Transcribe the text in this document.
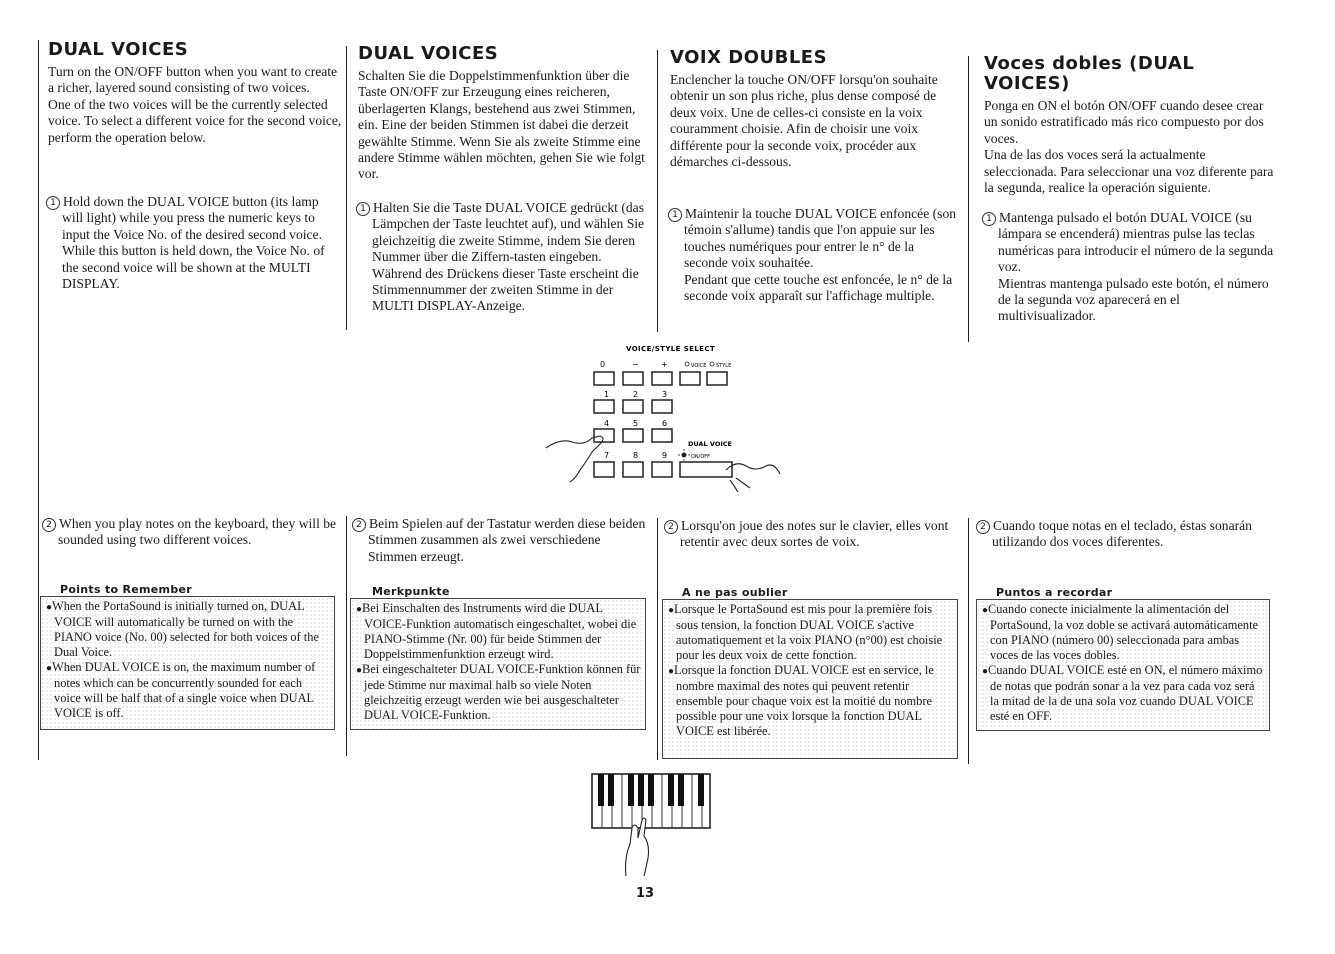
DUAL VOICES

Turn on the ON/OFF button when you want to create a richer, layered sound consisting of two voices.

One of the two voices will be the currently selected voice. To select a different voice for the second voice, perform the operation below.

1 Hold down the DUAL VOICE button (its lamp will light) while you press the numeric keys to input the Voice No. of the desired second voice.
While this button is held down, the Voice No. of the second voice will be shown at the MULTI DISPLAY.

2 When you play notes on the keyboard, they will be sounded using two different voices.

Points to Remember

●When the PortaSound is initially turned on, DUAL VOICE will automatically be turned on with the PIANO voice (No. 00) selected for both voices of the Dual Voice.

●When DUAL VOICE is on, the maximum number of notes which can be concurrently sounded for each voice will be half that of a single voice when DUAL VOICE is off.

DUAL VOICES

Schalten Sie die Doppelstimmenfunktion über die Taste ON/OFF zur Erzeugung eines reicheren, überlagerten Klangs, bestehend aus zwei Stimmen, ein. Eine der beiden Stimmen ist dabei die derzeit gewählte Stimme. Wenn Sie als zweite Stimme eine andere Stimme wählen möchten, gehen Sie wie folgt vor.

1 Halten Sie die Taste DUAL VOICE gedrückt (das Lämpchen der Taste leuchtet auf), und wählen Sie gleichzeitig die zweite Stimme, indem Sie deren Nummer über die Ziffern-tasten eingeben. Während des Drückens dieser Taste erscheint die Stimmennummer der zweiten Stimme in der MULTI DISPLAY-Anzeige.

2 Beim Spielen auf der Tastatur werden diese beiden Stimmen zusammen als zwei verschiedene Stimmen erzeugt.

Merkpunkte

●Bei Einschalten des Instruments wird die DUAL VOICE-Funktion automatisch eingeschaltet, wobei die PIANO-Stimme (Nr. 00) für beide Stimmen der Doppelstimmenfunktion erzeugt wird.

●Bei eingeschalteter DUAL VOICE-Funktion können für jede Stimme nur maximal halb so viele Noten gleichzeitig erzeugt werden wie bei ausgeschalteter DUAL VOICE-Funktion.

VOIX DOUBLES

Enclencher la touche ON/OFF lorsqu'on souhaite obtenir un son plus riche, plus dense composé de deux voix. Une de celles-ci consiste en la voix couramment choisie. Afin de choisir une voix différente pour la seconde voix, procéder aux démarches ci-dessous.

1 Maintenir la touche DUAL VOICE enfoncée (son témoin s'allume) tandis que l'on appuie sur les touches numériques pour entrer le n° de la seconde voix souhaitée.
Pendant que cette touche est enfoncée, le n° de la seconde voix apparaît sur l'affichage multiple.

2 Lorsqu'on joue des notes sur le clavier, elles vont retentir avec deux sortes de voix.

A ne pas oublier

●Lorsque le PortaSound est mis pour la première fois sous tension, la fonction DUAL VOICE s'active automatiquement et la voix PIANO (n°00) est choisie pour les deux voix de cette fonction.

●Lorsque la fonction DUAL VOICE est en service, le nombre maximal des notes qui peuvent retentir ensemble pour chaque voix est la moitié du nombre possible pour une voix lorsque la fonction DUAL VOICE est libérée.

Voces dobles (DUAL VOICES)

Ponga en ON el botón ON/OFF cuando desee crear un sonido estratificado más rico compuesto por dos voces.

Una de las dos voces será la actualmente seleccionada. Para seleccionar una voz diferente para la segunda, realice la operación siguiente.

1 Mantenga pulsado el botón DUAL VOICE (su lámpara se encenderá) mientras pulse las teclas numéricas para introducir el número de la segunda voz.
Mientras mantenga pulsado este botón, el número de la segunda voz aparecerá en el multivisualizador.

2 Cuando toque notas en el teclado, éstas sonarán utilizando dos voces diferentes.

Puntos a recordar

●Cuando conecte inicialmente la alimentación del PortaSound, la voz doble se activará automáticamente con PIANO (número 00) seleccionada para ambas voces de las voces dobles.

●Cuando DUAL VOICE esté en ON, el número máximo de notas que podrán sonar a la vez para cada voz será la mitad de la de una sola voz cuando DUAL VOICE esté en OFF.

VOICE/STYLE SELECT
0	−	+	VOICE STYLE
1	2	3
4	5	6
DUAL VOICE
7	8	9	ON/OFF
13
